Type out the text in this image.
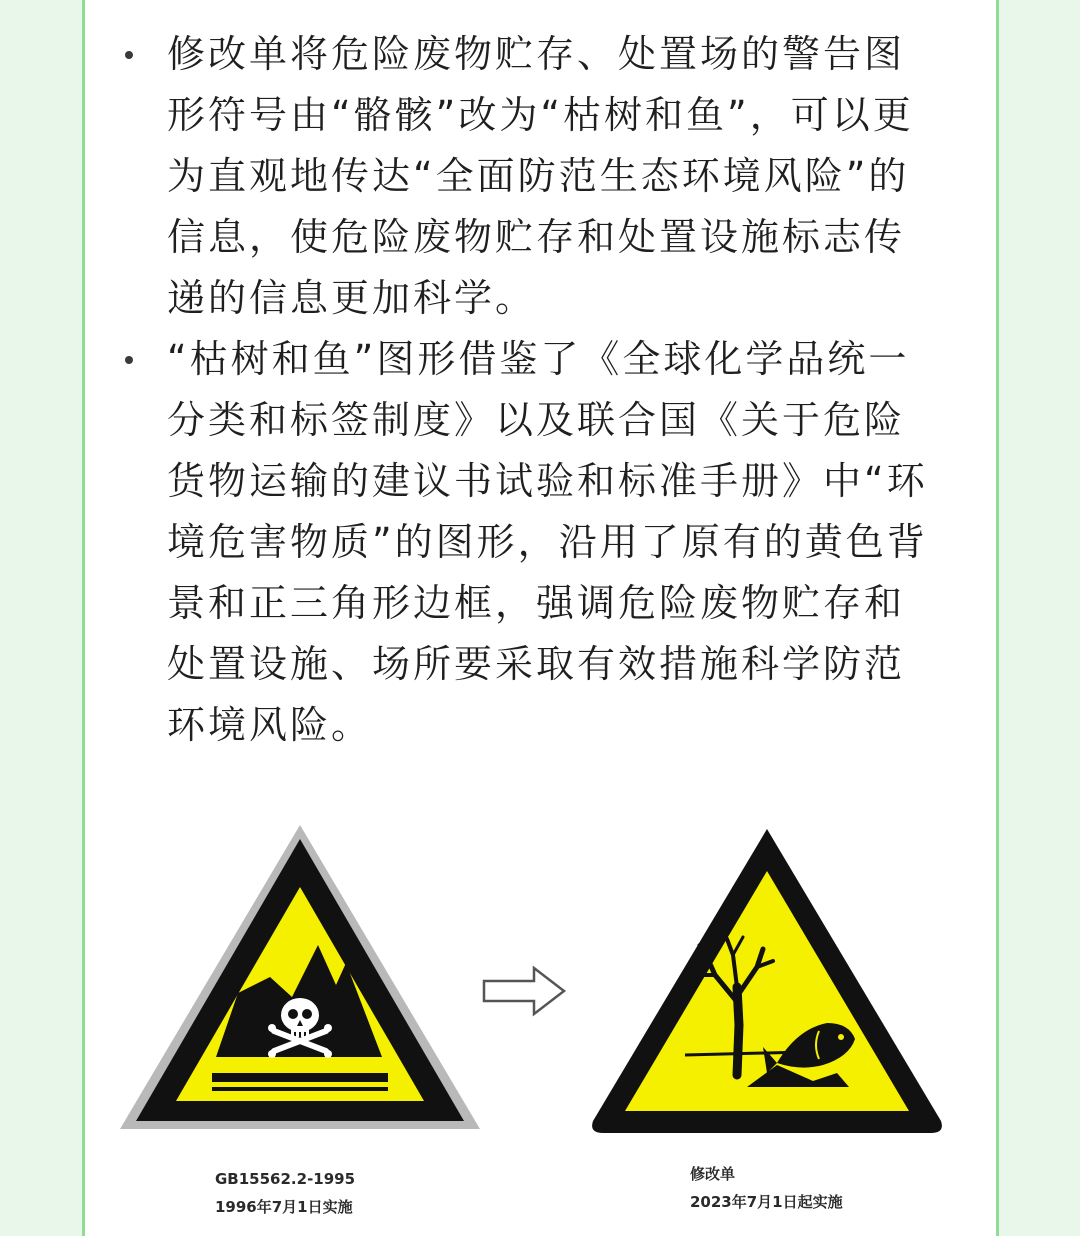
修改单将危险废物贮存、处置场的警告图形符号由“骼骸”改为“枯树和鱼”，可以更为直观地传达“全面防范生态环境风险”的信息，使危险废物贮存和处置设施标志传递的信息更加科学。
“枯树和鱼”图形借鉴了《全球化学品统一分类和标签制度》以及联合国《关于危险货物运输的建议书试验和标准手册》中“环境危害物质”的图形，沿用了原有的黄色背景和正三角形边框，强调危险废物贮存和处置设施、场所要采取有效措施科学防范环境风险。
GB15562.2-1995
1996年7月1日实施
修改单
2023年7月1日起实施
